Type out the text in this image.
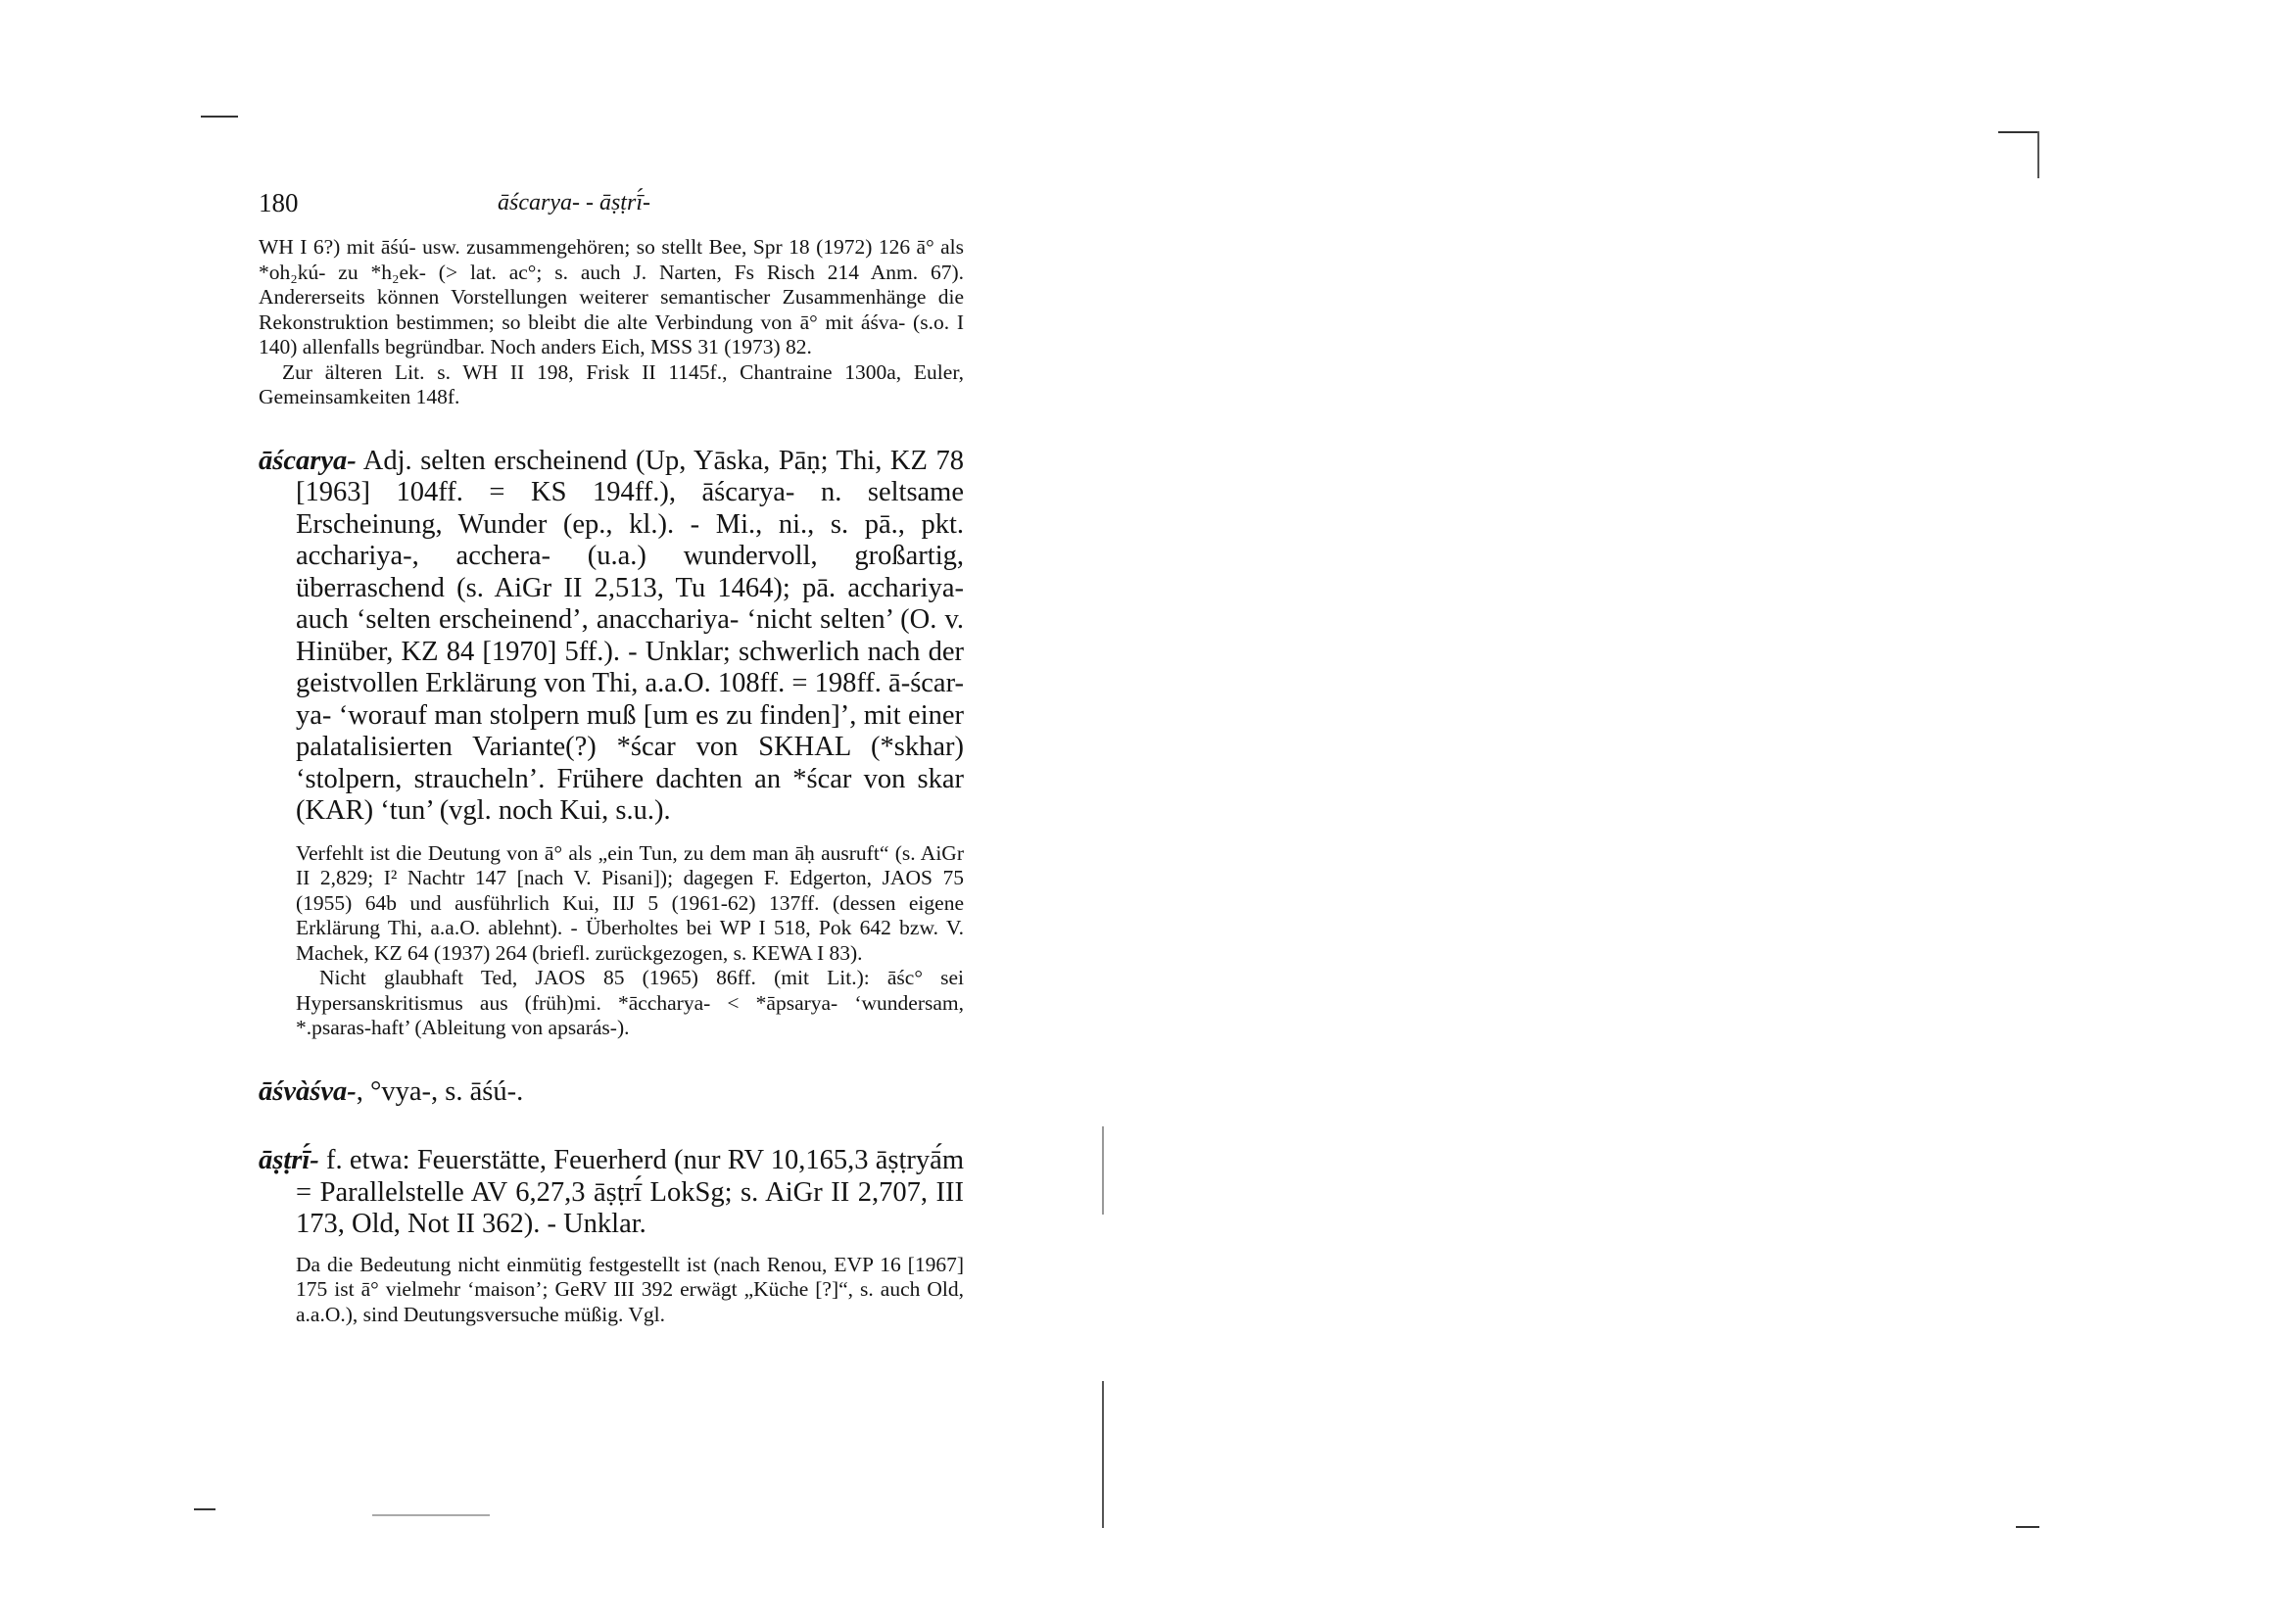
180	āścarya- - āṣṭrī́-

WH I 6?) mit āśú- usw. zusammengehören; so stellt Bee, Spr 18 (1972) 126 ā° als *oh₂kú- zu *h₂ek- (> lat. ac°; s. auch J. Narten, Fs Risch 214 Anm. 67). Andererseits können Vorstellungen weiterer semantischer Zusammenhänge die Rekonstruktion bestimmen; so bleibt die alte Verbindung von ā° mit áśva- (s.o. I 140) allenfalls begründbar. Noch anders Eich, MSS 31 (1973) 82.

Zur älteren Lit. s. WH II 198, Frisk II 1145f., Chantraine 1300a, Euler, Gemeinsamkeiten 148f.

āścarya- Adj. selten erscheinend (Up, Yāska, Pāṇ; Thi, KZ 78 [1963] 104ff. = KS 194ff.), āścarya- n. seltsame Erscheinung, Wunder (ep., kl.). - Mi., ni., s. pā., pkt. acchariya-, acchera- (u.a.) wundervoll, großartig, überraschend (s. AiGr II 2,513, Tu 1464); pā. acchariya- auch ‘selten erscheinend’, anacchariya- ‘nicht selten’ (O. v. Hinüber, KZ 84 [1970] 5ff.). - Unklar; schwerlich nach der geistvollen Erklärung von Thi, a.a.O. 108ff. = 198ff. ā-ścar-ya- ‘worauf man stolpern muß [um es zu finden]’, mit einer palatalisierten Variante(?) *ścar von SKHAL (*skhar) ‘stolpern, straucheln’. Frühere dachten an *ścar von skar (KAR) ‘tun’ (vgl. noch Kui, s.u.).

Verfehlt ist die Deutung von ā° als „ein Tun, zu dem man āḥ ausruft“ (s. AiGr II 2,829; I² Nachtr 147 [nach V. Pisani]); dagegen F. Edgerton, JAOS 75 (1955) 64b und ausführlich Kui, IIJ 5 (1961-62) 137ff. (dessen eigene Erklärung Thi, a.a.O. ablehnt). - Überholtes bei WP I 518, Pok 642 bzw. V. Machek, KZ 64 (1937) 264 (briefl. zurückgezogen, s. KEWA I 83).

Nicht glaubhaft Ted, JAOS 85 (1965) 86ff. (mit Lit.): āśc° sei Hypersanskritismus aus (früh)mi. *āccharya- < *āpsarya- ‘wundersam, *.psaras-haft’ (Ableitung von apsarás-).

āśvàśva-, °vya-, s. āśú-.

āṣṭrī́- f. etwa: Feuerstätte, Feuerherd (nur RV 10,165,3 āṣṭryā́m = Parallelstelle AV 6,27,3 āṣṭrī́ LokSg; s. AiGr II 2,707, III 173, Old, Not II 362). - Unklar.

Da die Bedeutung nicht einmütig festgestellt ist (nach Renou, EVP 16 [1967] 175 ist ā° vielmehr ‘maison’; GeRV III 392 erwägt „Küche [?]“, s. auch Old, a.a.O.), sind Deutungsversuche müßig. Vgl.
